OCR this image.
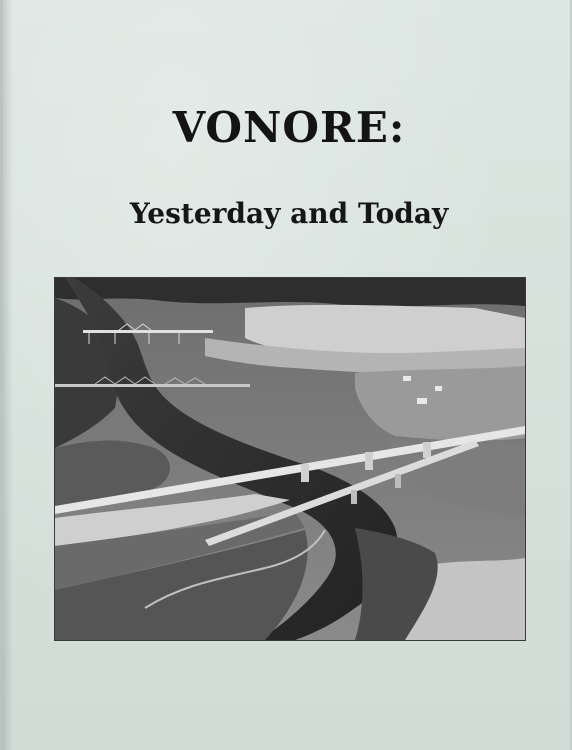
VONORE:
Yesterday and Today
